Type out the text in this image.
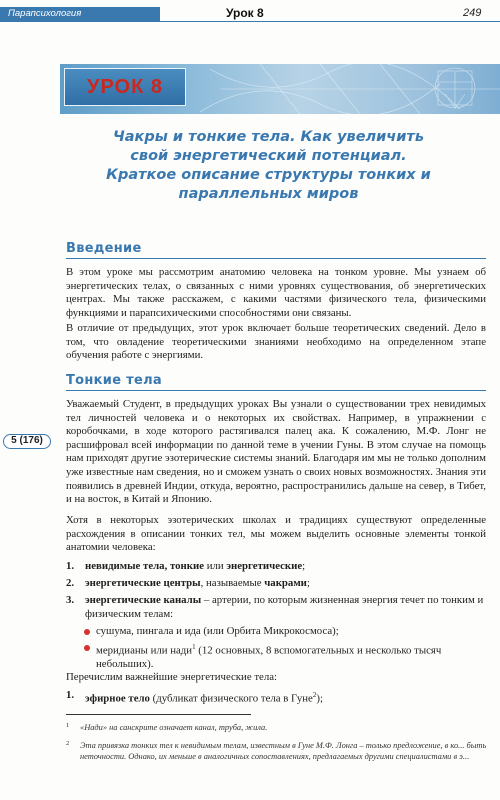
Парапсихология	Урок 8	249
УРОК 8
Чакры и тонкие тела. Как увеличить свой энергетический потенциал. Краткое описание структуры тонких и параллельных миров
Введение

В этом уроке мы рассмотрим анатомию человека на тонком уровне. Мы узнаем об энергетических телах, о связанных с ними уровнях существования, об энергетических центрах. Мы также расскажем, с какими частями физического тела, физическими функциями и парапсихическими способностями они связаны.

В отличие от предыдущих, этот урок включает больше теоретических сведений. Дело в том, что овладение теоретическими знаниями необходимо на определенном этапе обучения работе с энергиями.

Тонкие тела

Уважаемый Студент, в предыдущих уроках Вы узнали о существовании трех невидимых тел личностей человека и о некоторых их свойствах. Например, в упражнении с коробочками, в ходе которого растягивался палец ака. К сожалению, М.Ф. Лонг не расшифровал всей информации по данной теме в учении Гуны. В этом случае на помощь нам приходят другие эзотерические системы знаний. Благодаря им мы не только дополним уже известные нам сведения, но и сможем узнать о своих новых возможностях. Знания эти появились в древней Индии, откуда, вероятно, распространились дальше на север, в Тибет, и на восток, в Китай и Японию.

Хотя в некоторых эзотерических школах и традициях существуют определенные расхождения в описании тонких тел, мы можем выделить основные элементы тонкой анатомии человека:

5 (176)
1. невидимые тела, тонкие или энергетические;
2. энергетические центры, называемые чакрами;
3. энергетические каналы – артерии, по которым жизненная энергия течет по тонким и физическим телам:
сушума, пингала и ида (или Орбита Микрокосмоса);
меридианы или нади$^1$ (12 основных, 8 вспомогательных и несколько тысяч небольших).

Перечислим важнейшие энергетические тела:

1. эфирное тело (дубликат физического тела в Гуне$^2$);
1 «Нади» на санскрите означает канал, труба, жила.
2 Эта привязка тонких тел к невидимым телам, известным в Гуне М.Ф. Лонга – только предложение, в ко... быть неточности. Однако, их меньше в аналогичных сопоставлениях, предлагаемых другими специалистами в э...
